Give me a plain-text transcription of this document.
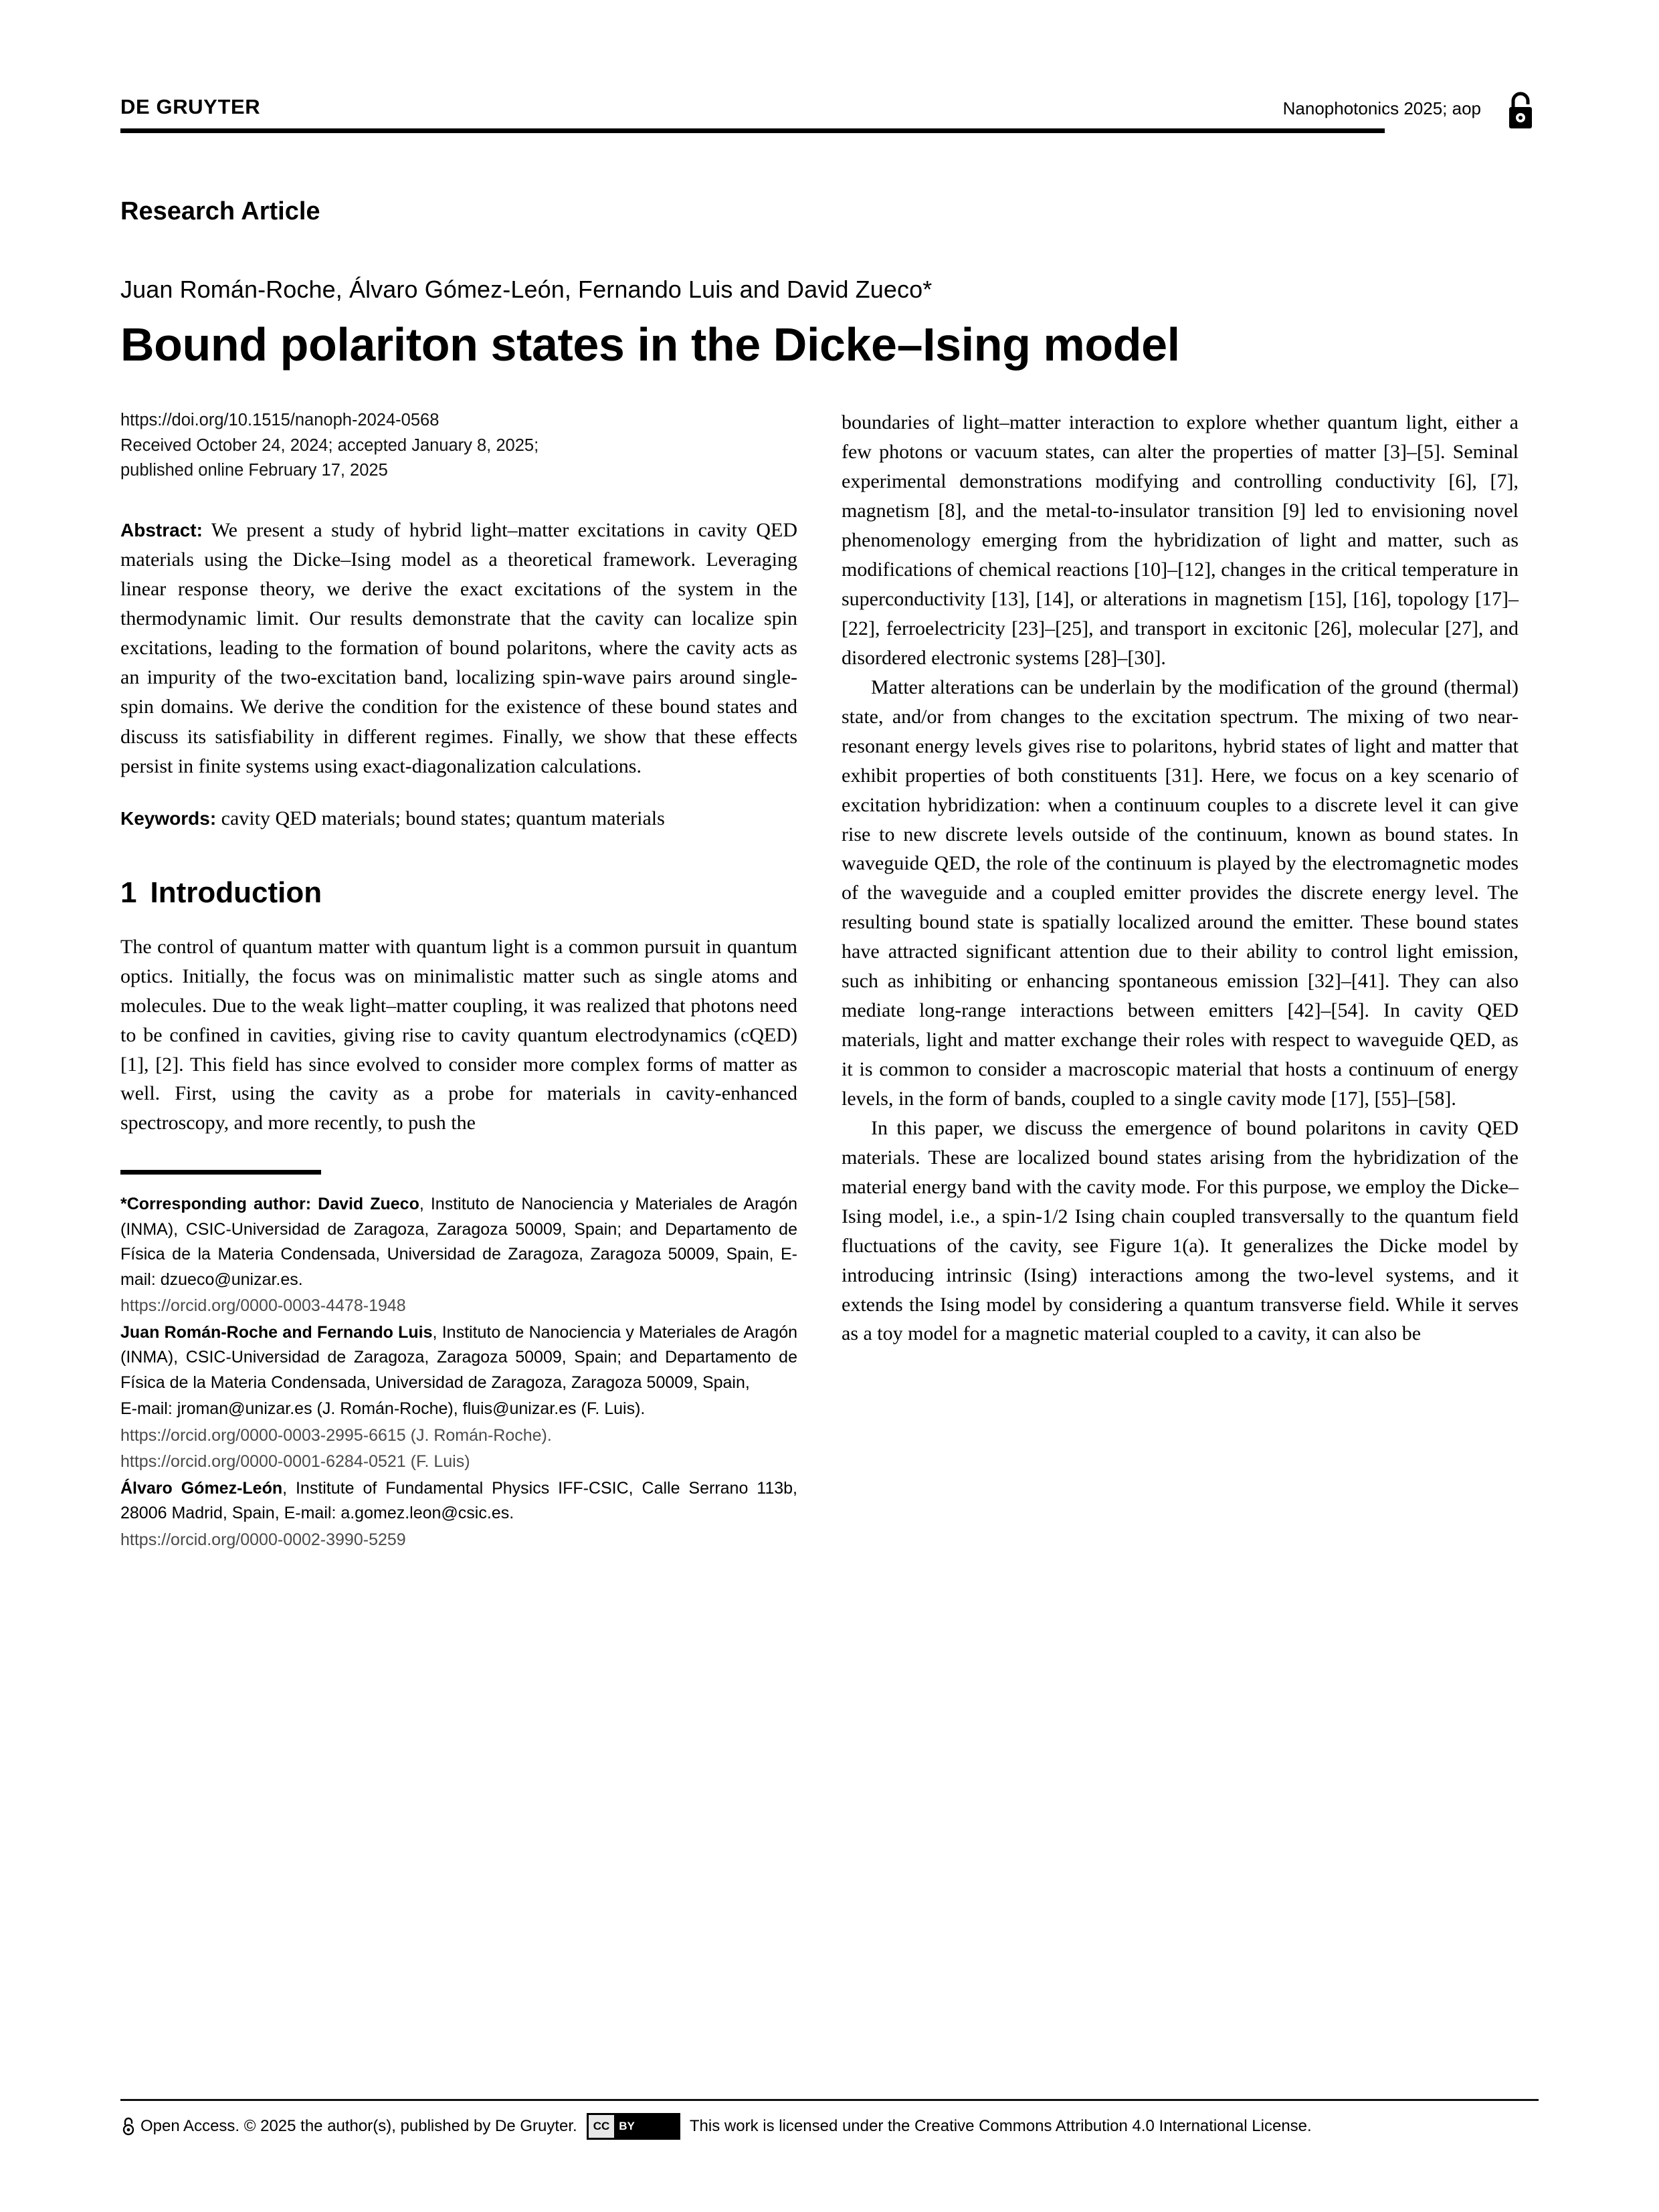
DE GRUYTER	Nanophotonics 2025; aop
Research Article
Juan Román-Roche, Álvaro Gómez-León, Fernando Luis and David Zueco*
Bound polariton states in the Dicke–Ising model
https://doi.org/10.1515/nanoph-2024-0568
Received October 24, 2024; accepted January 8, 2025;
published online February 17, 2025
Abstract: We present a study of hybrid light–matter excitations in cavity QED materials using the Dicke–Ising model as a theoretical framework. Leveraging linear response theory, we derive the exact excitations of the system in the thermodynamic limit. Our results demonstrate that the cavity can localize spin excitations, leading to the formation of bound polaritons, where the cavity acts as an impurity of the two-excitation band, localizing spin-wave pairs around single-spin domains. We derive the condition for the existence of these bound states and discuss its satisfiability in different regimes. Finally, we show that these effects persist in finite systems using exact-diagonalization calculations.
Keywords: cavity QED materials; bound states; quantum materials
1 Introduction

The control of quantum matter with quantum light is a common pursuit in quantum optics. Initially, the focus was on minimalistic matter such as single atoms and molecules. Due to the weak light–matter coupling, it was realized that photons need to be confined in cavities, giving rise to cavity quantum electrodynamics (cQED) [1], [2]. This field has since evolved to consider more complex forms of matter as well. First, using the cavity as a probe for materials in cavity-enhanced spectroscopy, and more recently, to push the

*Corresponding author: David Zueco, Instituto de Nanociencia y Materiales de Aragón (INMA), CSIC-Universidad de Zaragoza, Zaragoza 50009, Spain; and Departamento de Física de la Materia Condensada, Universidad de Zaragoza, Zaragoza 50009, Spain, E-mail: dzueco@unizar.es.
https://orcid.org/0000-0003-4478-1948
Juan Román-Roche and Fernando Luis, Instituto de Nanociencia y Materiales de Aragón (INMA), CSIC-Universidad de Zaragoza, Zaragoza 50009, Spain; and Departamento de Física de la Materia Condensada, Universidad de Zaragoza, Zaragoza 50009, Spain,
E-mail: jroman@unizar.es (J. Román-Roche), fluis@unizar.es (F. Luis).
https://orcid.org/0000-0003-2995-6615 (J. Román-Roche).
https://orcid.org/0000-0001-6284-0521 (F. Luis)
Álvaro Gómez-León, Institute of Fundamental Physics IFF-CSIC, Calle Serrano 113b, 28006 Madrid, Spain, E-mail: a.gomez.leon@csic.es.
https://orcid.org/0000-0002-3990-5259

boundaries of light–matter interaction to explore whether quantum light, either a few photons or vacuum states, can alter the properties of matter [3]–[5]. Seminal experimental demonstrations modifying and controlling conductivity [6], [7], magnetism [8], and the metal-to-insulator transition [9] led to envisioning novel phenomenology emerging from the hybridization of light and matter, such as modifications of chemical reactions [10]–[12], changes in the critical temperature in superconductivity [13], [14], or alterations in magnetism [15], [16], topology [17]–[22], ferroelectricity [23]–[25], and transport in excitonic [26], molecular [27], and disordered electronic systems [28]–[30].

Matter alterations can be underlain by the modification of the ground (thermal) state, and/or from changes to the excitation spectrum. The mixing of two near-resonant energy levels gives rise to polaritons, hybrid states of light and matter that exhibit properties of both constituents [31]. Here, we focus on a key scenario of excitation hybridization: when a continuum couples to a discrete level it can give rise to new discrete levels outside of the continuum, known as bound states. In waveguide QED, the role of the continuum is played by the electromagnetic modes of the waveguide and a coupled emitter provides the discrete energy level. The resulting bound state is spatially localized around the emitter. These bound states have attracted significant attention due to their ability to control light emission, such as inhibiting or enhancing spontaneous emission [32]–[41]. They can also mediate long-range interactions between emitters [42]–[54]. In cavity QED materials, light and matter exchange their roles with respect to waveguide QED, as it is common to consider a macroscopic material that hosts a continuum of energy levels, in the form of bands, coupled to a single cavity mode [17], [55]–[58].

In this paper, we discuss the emergence of bound polaritons in cavity QED materials. These are localized bound states arising from the hybridization of the material energy band with the cavity mode. For this purpose, we employ the Dicke–Ising model, i.e., a spin-1/2 Ising chain coupled transversally to the quantum field fluctuations of the cavity, see Figure 1(a). It generalizes the Dicke model by introducing intrinsic (Ising) interactions among the two-level systems, and it extends the Ising model by considering a quantum transverse field. While it serves as a toy model for a magnetic material coupled to a cavity, it can also be

Open Access. © 2025 the author(s), published by De Gruyter.	CC BY	This work is licensed under the Creative Commons Attribution 4.0 International License.
